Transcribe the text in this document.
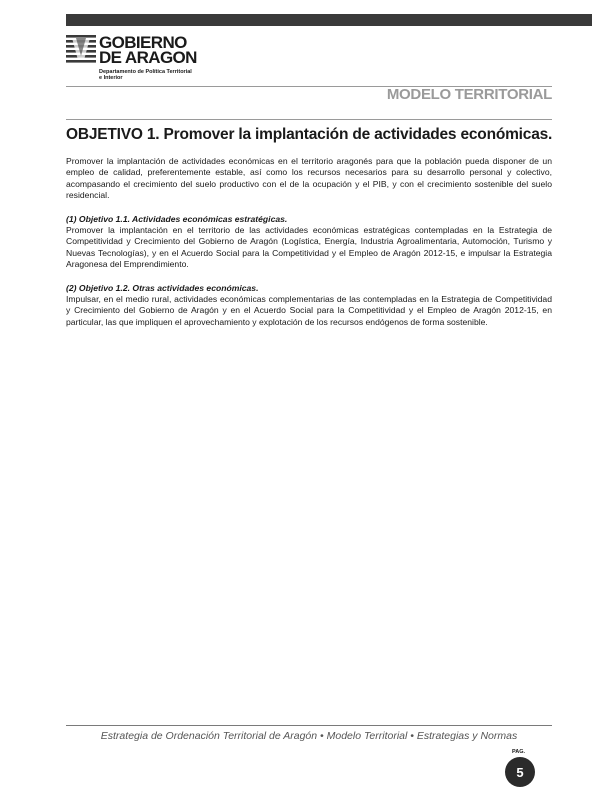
GOBIERNO
DE ARAGON
Departamento de Política Territorial
e Interior
MODELO TERRITORIAL
OBJETIVO 1. Promover la implantación de actividades económicas.

Promover la implantación de actividades económicas en el territorio aragonés para que la población pueda disponer de un empleo de calidad, preferentemente estable, así como los recursos necesarios para su desarrollo personal y colectivo, acompasando el crecimiento del suelo productivo con el de la ocupación y el PIB, y con el crecimiento sostenible del suelo residencial.

(1) Objetivo 1.1. Actividades económicas estratégicas.

Promover la implantación en el territorio de las actividades económicas estratégicas contempladas en la Estrategia de Competitividad y Crecimiento del Gobierno de Aragón (Logística, Energía, Industria Agroalimentaria, Automoción, Turismo y Nuevas Tecnologías), y en el Acuerdo Social para la Competitividad y el Empleo de Aragón 2012-15, e impulsar la Estrategia Aragonesa del Emprendimiento.

(2) Objetivo 1.2. Otras actividades económicas.

Impulsar, en el medio rural, actividades económicas complementarias de las contempladas en la Estrategia de Competitividad y Crecimiento del Gobierno de Aragón y en el Acuerdo Social para la Competitividad y el Empleo de Aragón 2012-15, en particular, las que impliquen el aprovechamiento y explotación de los recursos endógenos de forma sostenible.

Estrategia de Ordenación Territorial de Aragón • Modelo Territorial • Estrategias y Normas
PAG.
5
